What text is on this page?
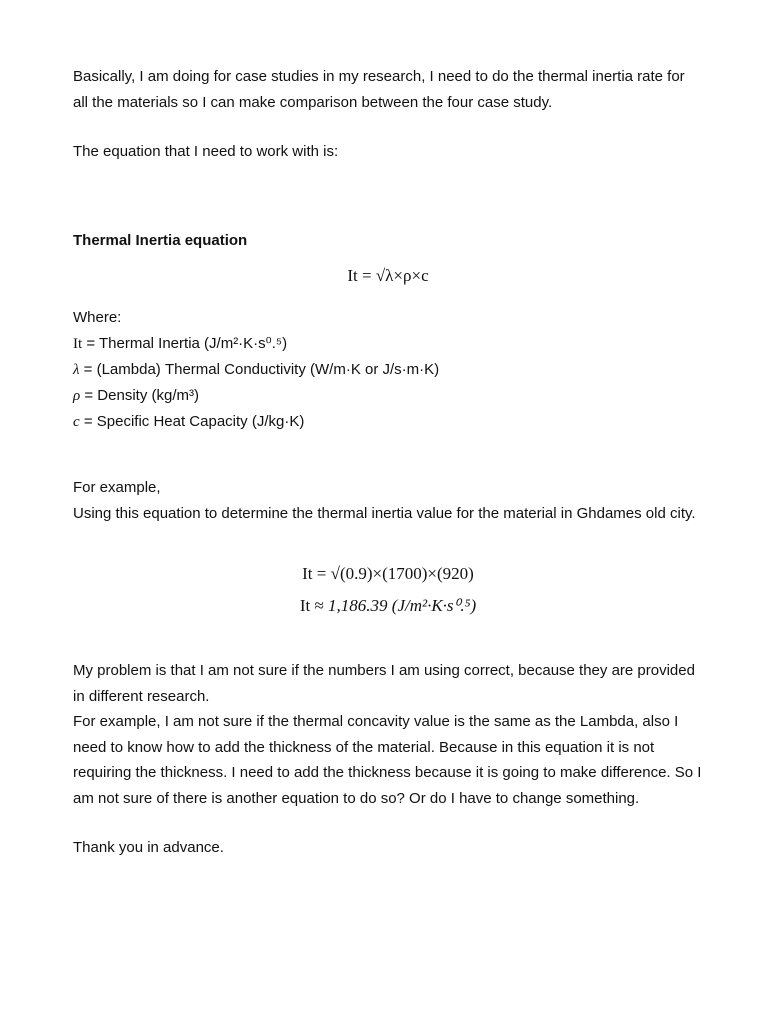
Basically, I am doing for case studies in my research, I need to do the thermal inertia rate for all the materials so I can make comparison between the four case study.

The equation that I need to work with is:

Thermal Inertia equation

It = √λ×ρ×c

Where:

It = Thermal Inertia (J/m²·K·s⁰.⁵)

λ = (Lambda) Thermal Conductivity (W/m·K or J/s·m·K)

ρ = Density (kg/m³)

c = Specific Heat Capacity (J/kg·K)

For example,

Using this equation to determine the thermal inertia value for the material in Ghdames old city.

It = √(0.9)×(1700)×(920)

It ≈ 1,186.39 (J/m²·K·s⁰.⁵)

My problem is that I am not sure if the numbers I am using correct, because they are provided in different research.

For example, I am not sure if the thermal concavity value is the same as the Lambda, also I need to know how to add the thickness of the material. Because in this equation it is not requiring the thickness. I need to add the thickness because it is going to make difference. So I am not sure of there is another equation to do so? Or do I have to change something.

Thank you in advance.
